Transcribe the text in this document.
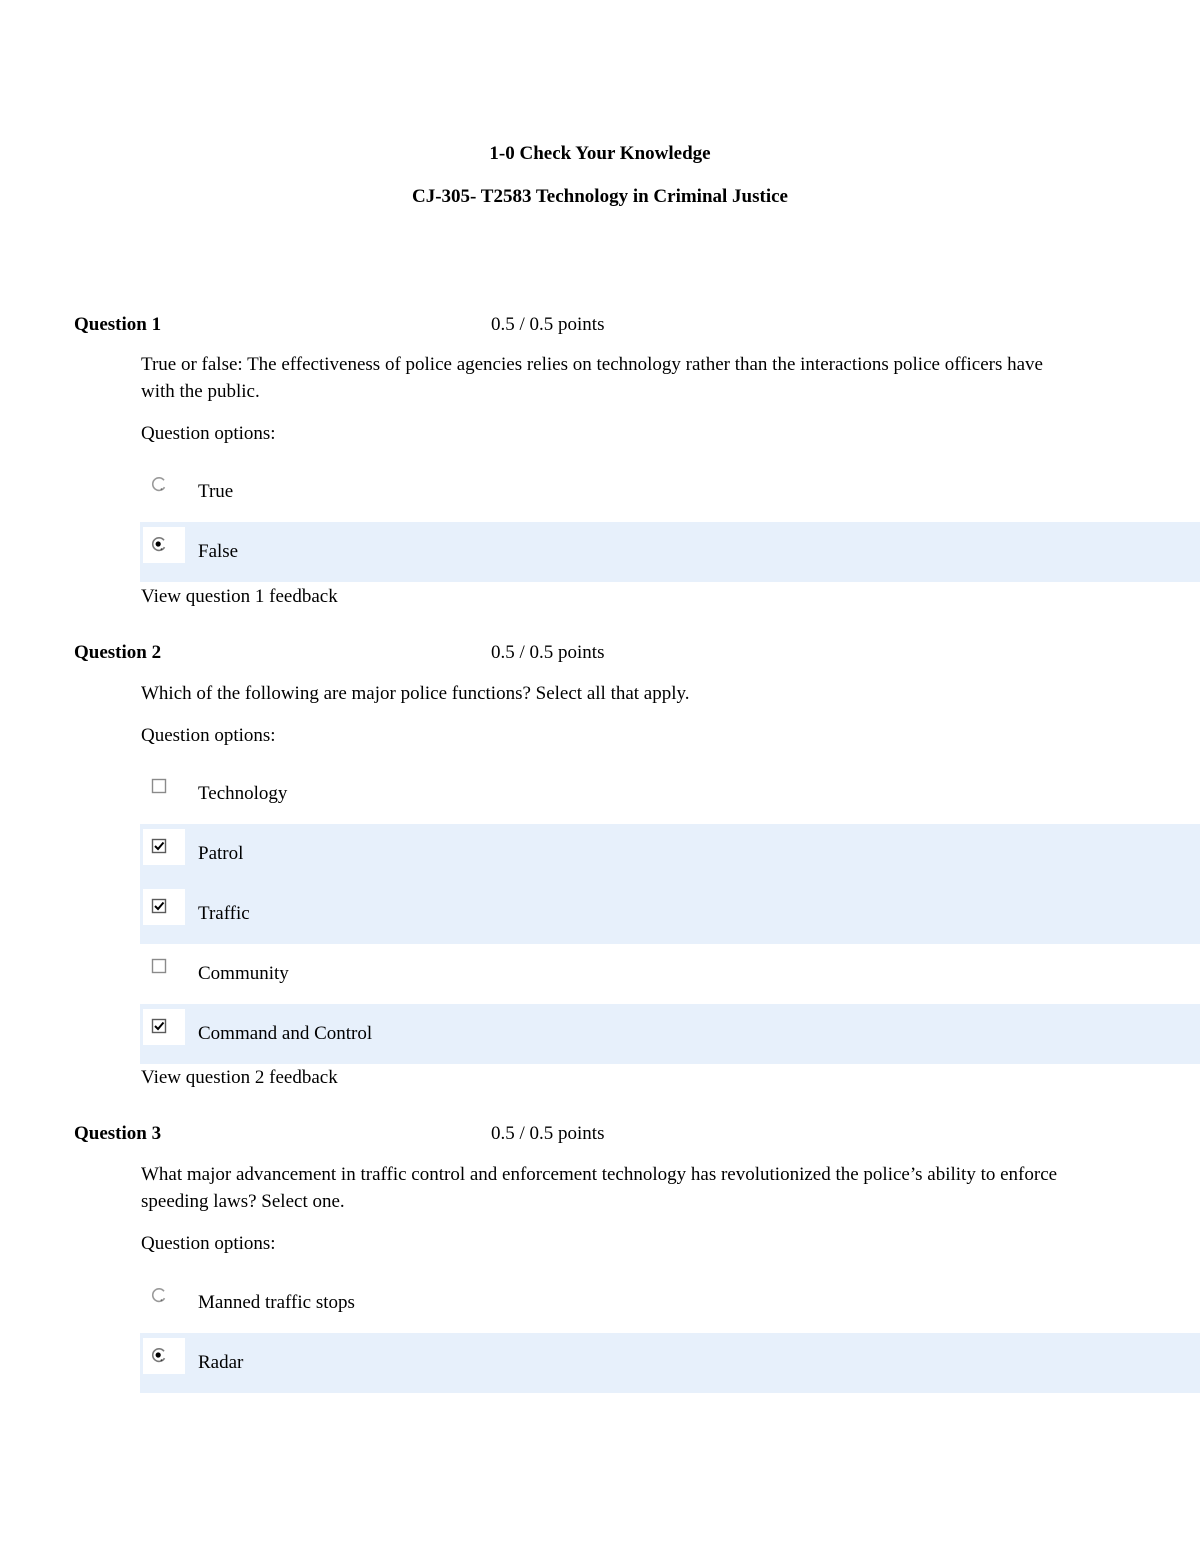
1-0 Check Your Knowledge
CJ-305- T2583 Technology in Criminal Justice
Question 1	0.5 / 0.5 points
True or false: The effectiveness of police agencies relies on technology rather than the interactions police officers have with the public.
Question options:
True
False
View question 1 feedback
Question 2	0.5 / 0.5 points
Which of the following are major police functions? Select all that apply.
Question options:
Technology
Patrol
Traffic
Community
Command and Control
View question 2 feedback
Question 3	0.5 / 0.5 points
What major advancement in traffic control and enforcement technology has revolutionized the police’s ability to enforce speeding laws? Select one.
Question options:
Manned traffic stops
Radar
